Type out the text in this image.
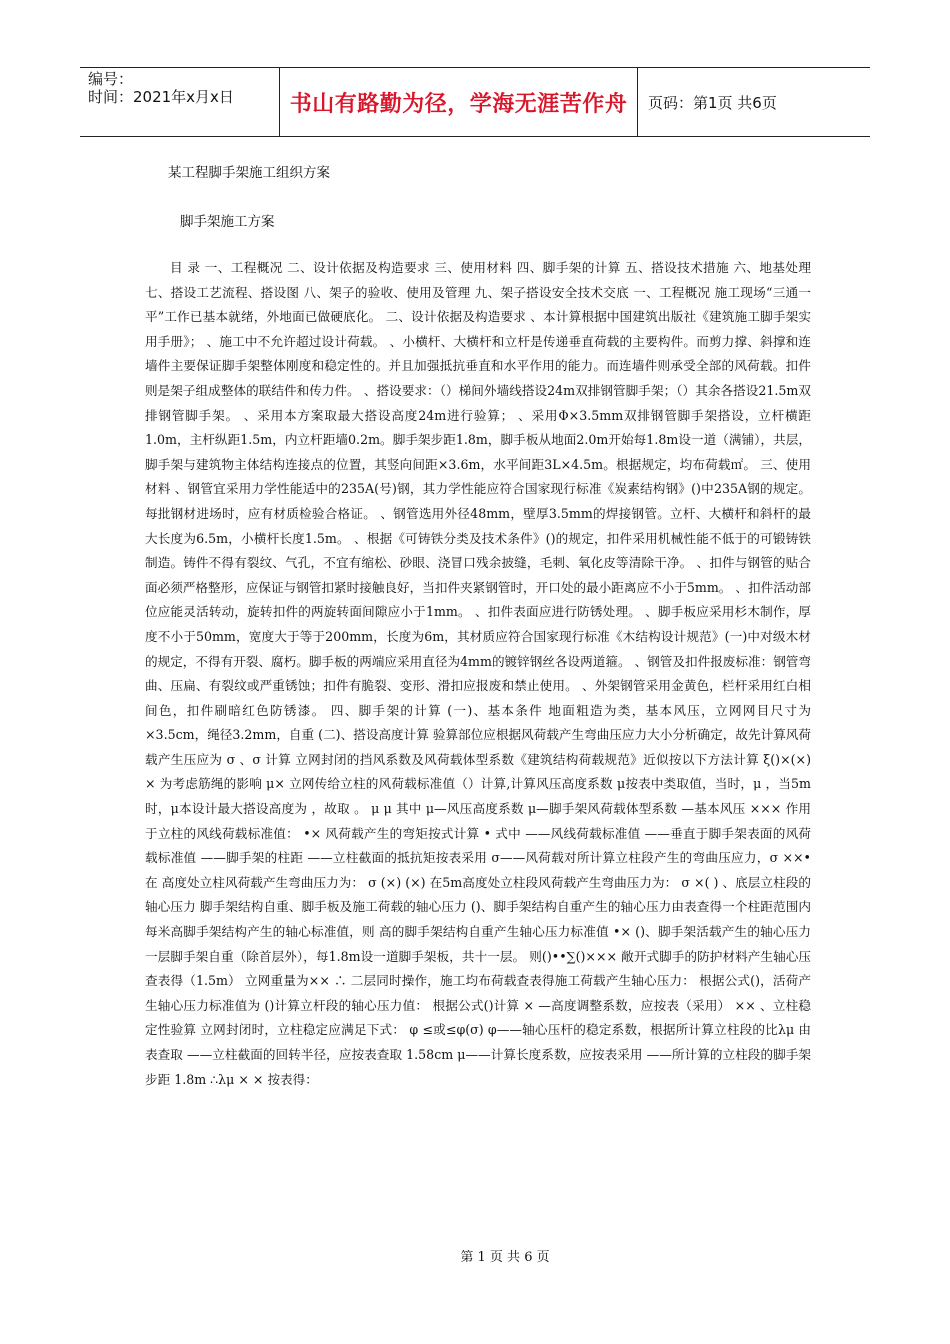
编号：
时间：2021年x月x日	书山有路勤为径，学海无涯苦作舟	页码：第1页 共6页
某工程脚手架施工组织方案
脚手架施工方案

目 录 一、工程概况 二、设计依据及构造要求 三、使用材料 四、脚手架的计算 五、搭设技术措施 六、地基处理 七、搭设工艺流程、搭设图 八、架子的验收、使用及管理 九、架子搭设安全技术交底 一、工程概况 施工现场“三通一平”工作已基本就绪，外地面已做硬底化。 二、设计依据及构造要求 、本计算根据中国建筑出版社《建筑施工脚手架实用手册》； 、施工中不允许超过设计荷载。 、小横杆、大横杆和立杆是传递垂直荷载的主要构件。而剪力撑、斜撑和连墙件主要保证脚手架整体刚度和稳定性的。并且加强抵抗垂直和水平作用的能力。而连墙件则承受全部的风荷载。扣件则是架子组成整体的联结件和传力件。 、搭设要求：（）梯间外墙线搭设24m双排钢管脚手架；（）其余各搭设21.5m双排钢管脚手架。 、采用本方案取最大搭设高度24m进行验算； 、采用Φ×3.5mm双排钢管脚手架搭设，立杆横距1.0m，主杆纵距1.5m，内立杆距墙0.2m。脚手架步距1.8m，脚手板从地面2.0m开始每1.8m设一道（满铺），共层，脚手架与建筑物主体结构连接点的位置，其竖向间距×3.6m，水平间距3L×4.5m。根据规定，均布荷载㎡。 三、使用材料 、钢管宜采用力学性能适中的235A(号)钢，其力学性能应符合国家现行标准《炭素结构钢》()中235A钢的规定。每批钢材进场时，应有材质检验合格证。 、钢管选用外径48mm，壁厚3.5mm的焊接钢管。立杆、大横杆和斜杆的最大长度为6.5m，小横杆长度1.5m。 、根据《可铸铁分类及技术条件》()的规定，扣件采用机械性能不低于的可锻铸铁制造。铸件不得有裂纹、气孔，不宜有缩松、砂眼、浇冒口残余披缝，毛刺、氧化皮等清除干净。 、扣件与钢管的贴合面必须严格整形，应保证与钢管扣紧时接触良好，当扣件夹紧钢管时，开口处的最小距离应不小于5mm。 、扣件活动部位应能灵活转动，旋转扣件的两旋转面间隙应小于1mm。 、扣件表面应进行防锈处理。 、脚手板应采用杉木制作，厚度不小于50mm，宽度大于等于200mm，长度为6m，其材质应符合国家现行标准《木结构设计规范》(一)中对级木材的规定，不得有开裂、腐朽。脚手板的两端应采用直径为4mm的镀锌钢丝各设两道箍。 、钢管及扣件报废标准：钢管弯曲、压扁、有裂纹或严重锈蚀；扣件有脆裂、变形、滑扣应报废和禁止使用。 、外架钢管采用金黄色，栏杆采用红白相间色，扣件刷暗红色防锈漆。 四、脚手架的计算 (一)、基本条件 地面粗造为类，基本风压，立网网目尺寸为 ×3.5cm，绳径3.2mm，自重 (二)、搭设高度计算 验算部位应根据风荷载产生弯曲压应力大小分析确定，故先计算风荷载产生压应为 σ 、σ 计算 立网封闭的挡风系数及风荷载体型系数《建筑结构荷载规范》近似按以下方法计算 ξ()×(×) × 为考虑筋绳的影响 μ× 立网传给立柱的风荷载标准值（）计算,计算风压高度系数 μ按表中类取值，当时，μ ，当5m时，μ本设计最大搭设高度为 ，故取 。 μ μ 其中 μ—风压高度系数 μ—脚手架风荷载体型系数 —基本风压 ××× 作用于立柱的风线荷载标准值： •× 风荷载产生的弯矩按式计算 • 式中 ——风线荷载标准值 ——垂直于脚手架表面的风荷载标准值 ——脚手架的柱距 ——立柱截面的抵抗矩按表采用 σ——风荷载对所计算立柱段产生的弯曲压应力，σ ××• 在 高度处立柱风荷载产生弯曲压力为： σ (×) (×) 在5m高度处立柱段风荷载产生弯曲压力为： σ ×( ) 、底层立柱段的轴心压力 脚手架结构自重、脚手板及施工荷载的轴心压力 ()、脚手架结构自重产生的轴心压力由表查得一个柱距范围内每米高脚手架结构产生的轴心标准值，则 高的脚手架结构自重产生轴心压力标准值 •× ()、脚手架活载产生的轴心压力 一层脚手架自重（除首层外），每1.8m设一道脚手架板，共十一层。 则()••∑()××× 敞开式脚手的防护材料产生轴心压查表得（1.5m） 立网重量为×× ∴ 二层同时操作，施工均布荷载查表得施工荷载产生轴心压力： 根据公式()，活荷产生轴心压力标准值为 ()计算立杆段的轴心压力值： 根据公式()计算 × —高度调整系数，应按表（采用） ×× 、立柱稳定性验算 立网封闭时，立柱稳定应满足下式： φ ≤或≤φ(σ) φ——轴心压杆的稳定系数，根据所计算立柱段的比λμ 由表查取 ——立柱截面的回转半径，应按表查取 1.58cm μ——计算长度系数，应按表采用 ——所计算的立柱段的脚手架步距 1.8m ∴λμ × × 按表得：

第 1 页 共 6 页
